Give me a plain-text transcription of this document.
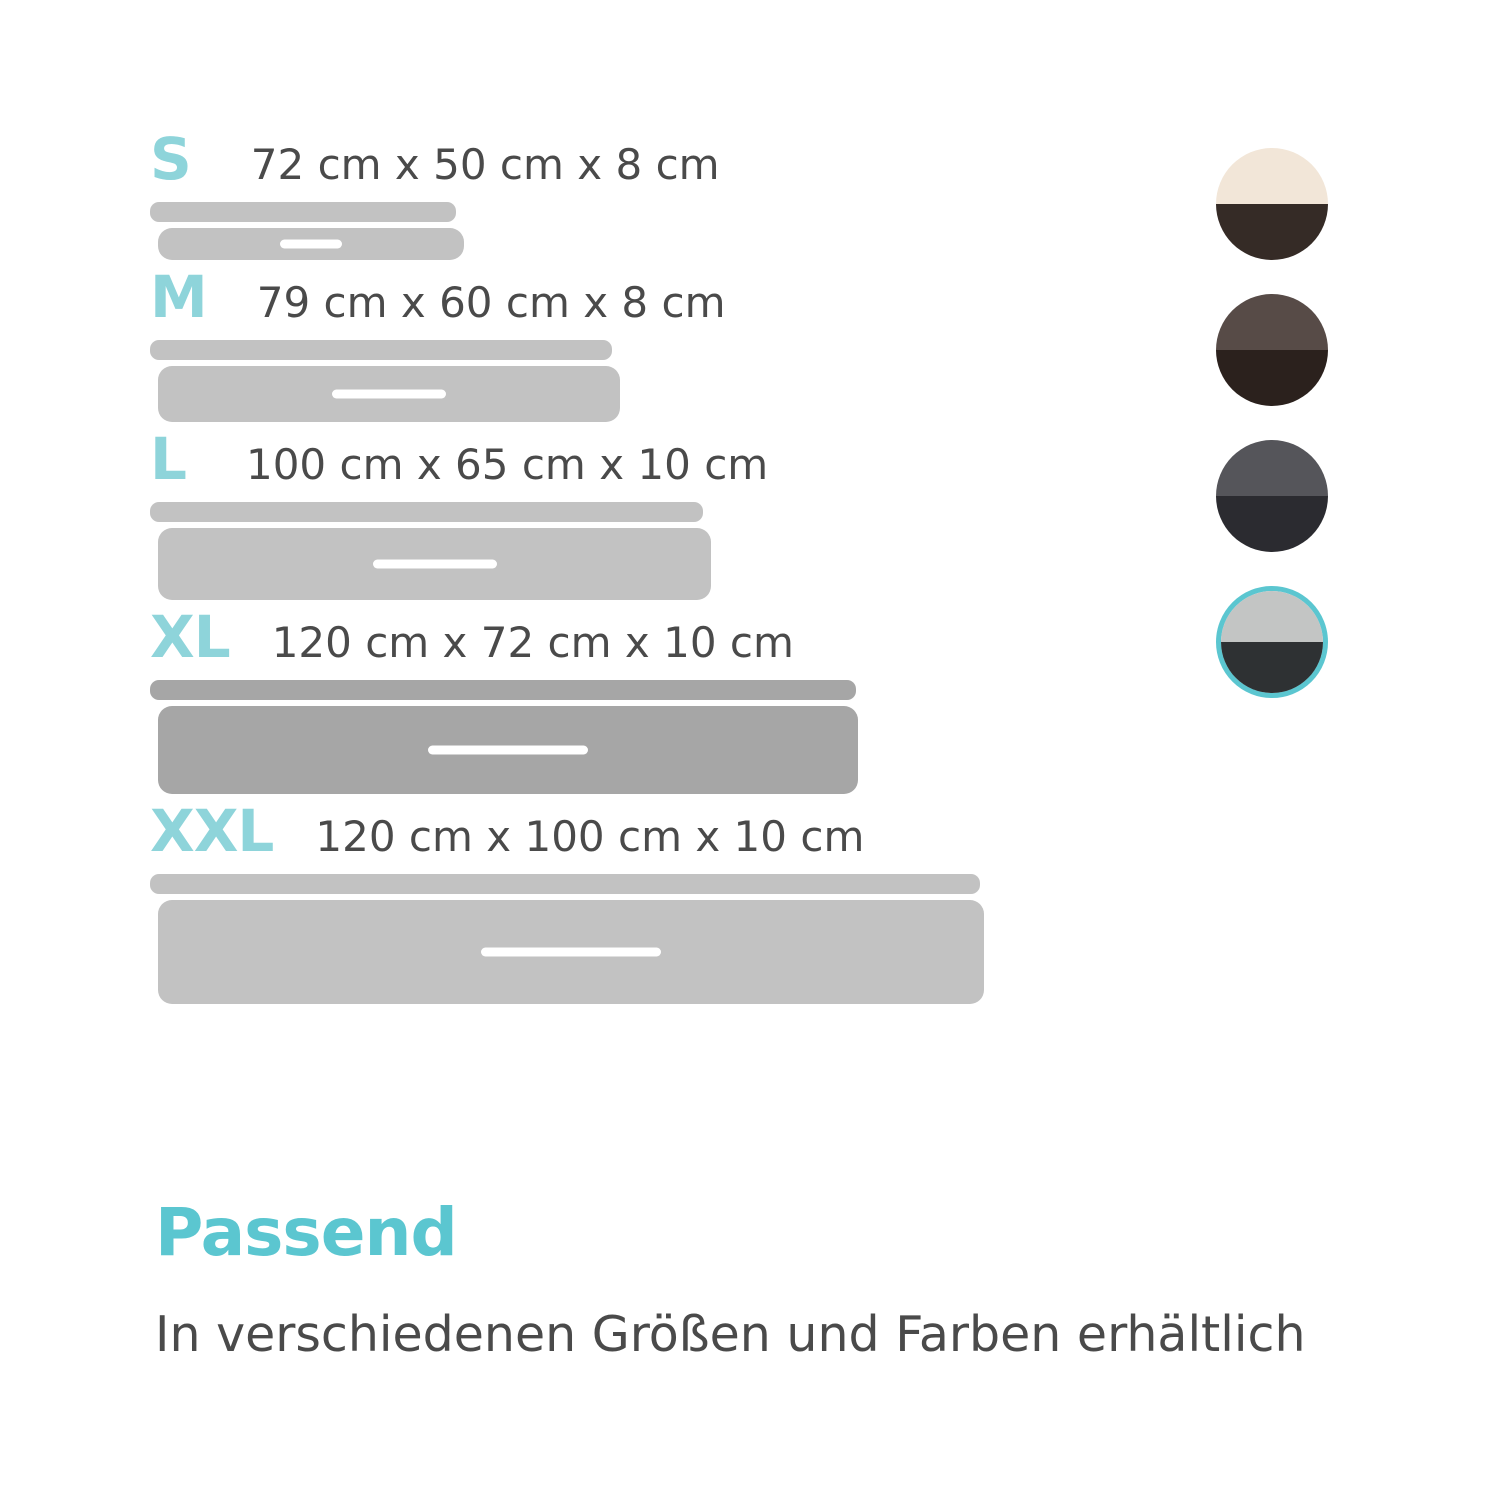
S 72 cm x 50 cm x 8 cm
M 79 cm x 60 cm x 8 cm
L 100 cm x 65 cm x 10 cm
XL 120 cm x 72 cm x 10 cm
XXL 120 cm x 100 cm x 10 cm
Passend
In verschiedenen Größen und Farben erhältlich
